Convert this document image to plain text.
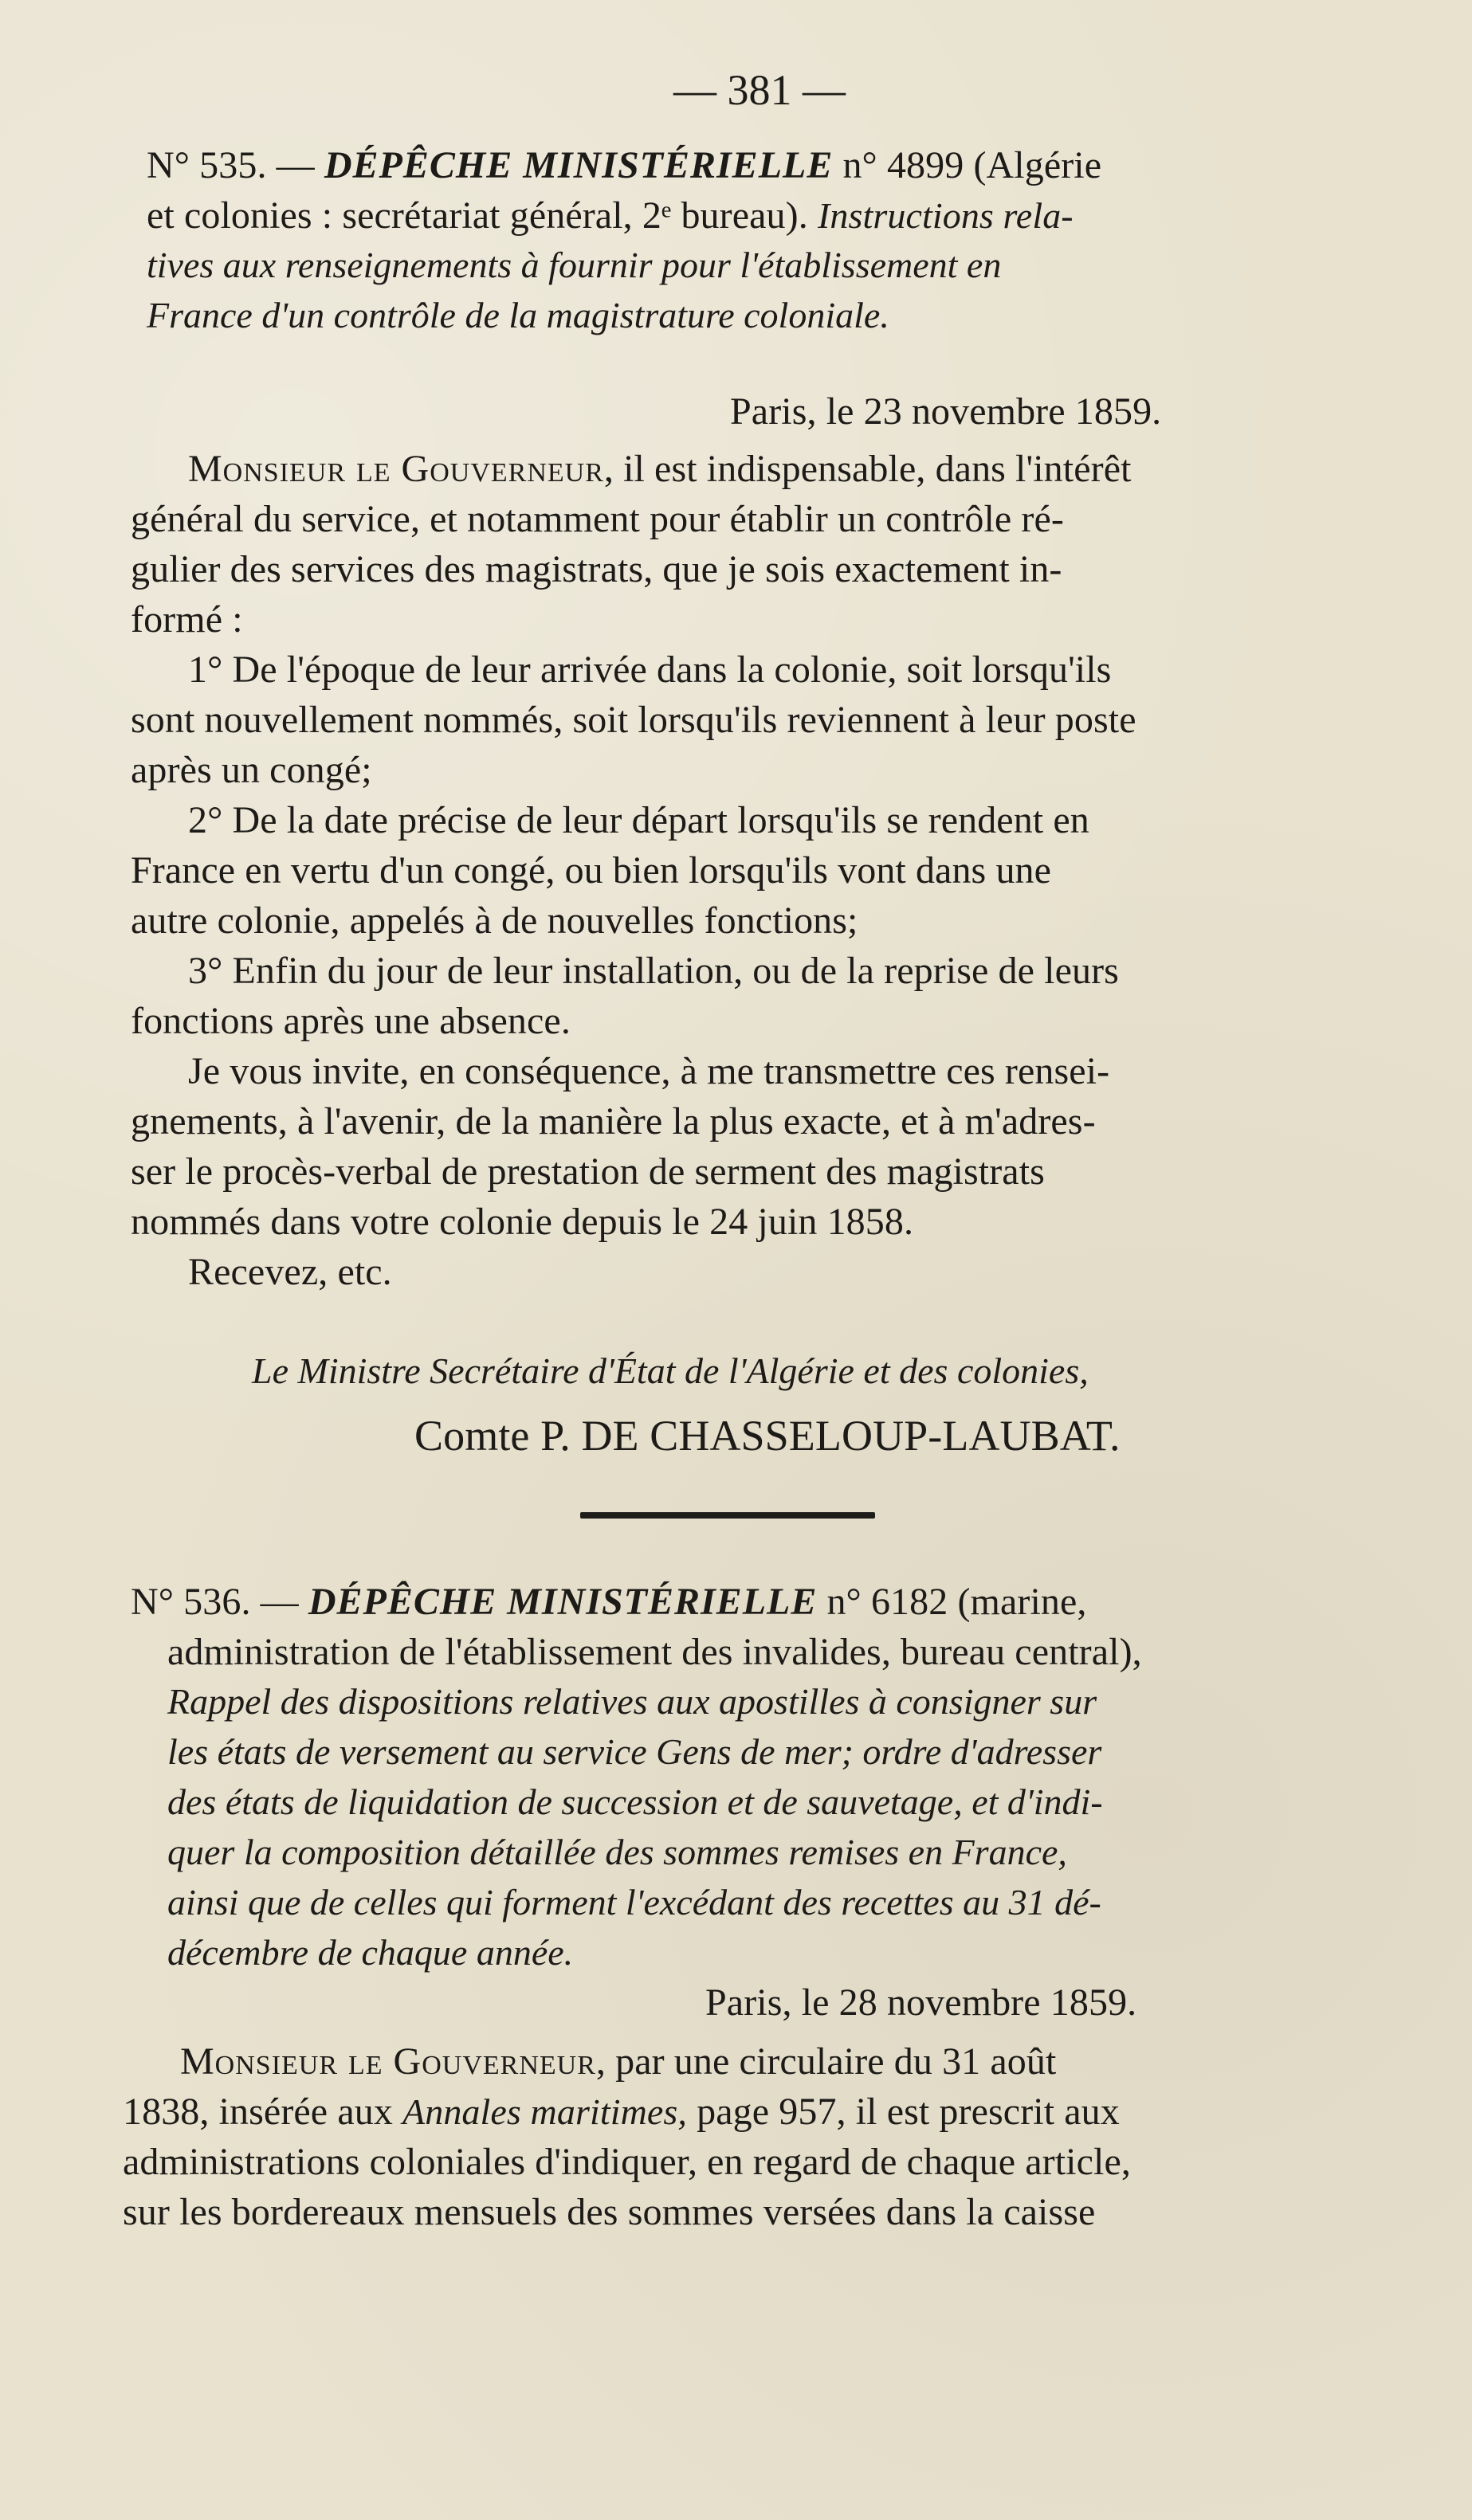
— 381 —
N° 535. — DÉPÊCHE MINISTÉRIELLE n° 4899 (Algérie
et colonies : secrétariat général, 2ᵉ bureau). Instructions rela-
tives aux renseignements à fournir pour l'établissement en
France d'un contrôle de la magistrature coloniale.
Paris, le 23 novembre 1859.
Monsieur le Gouverneur, il est indispensable, dans l'intérêt
général du service, et notamment pour établir un contrôle ré-
gulier des services des magistrats, que je sois exactement in-
formé :
1° De l'époque de leur arrivée dans la colonie, soit lorsqu'ils
sont nouvellement nommés, soit lorsqu'ils reviennent à leur poste
après un congé;
2° De la date précise de leur départ lorsqu'ils se rendent en
France en vertu d'un congé, ou bien lorsqu'ils vont dans une
autre colonie, appelés à de nouvelles fonctions;
3° Enfin du jour de leur installation, ou de la reprise de leurs
fonctions après une absence.
Je vous invite, en conséquence, à me transmettre ces rensei-
gnements, à l'avenir, de la manière la plus exacte, et à m'adres-
ser le procès-verbal de prestation de serment des magistrats
nommés dans votre colonie depuis le 24 juin 1858.
Recevez, etc.
Le Ministre Secrétaire d'État de l'Algérie et des colonies,
Comte P. DE CHASSELOUP-LAUBAT.
N° 536. — DÉPÊCHE MINISTÉRIELLE n° 6182 (marine,
administration de l'établissement des invalides, bureau central),
Rappel des dispositions relatives aux apostilles à consigner sur
les états de versement au service Gens de mer; ordre d'adresser
des états de liquidation de succession et de sauvetage, et d'indi-
quer la composition détaillée des sommes remises en France,
ainsi que de celles qui forment l'excédant des recettes au 31 dé-
décembre de chaque année.
Paris, le 28 novembre 1859.
Monsieur le Gouverneur, par une circulaire du 31 août
1838, insérée aux Annales maritimes, page 957, il est prescrit aux
administrations coloniales d'indiquer, en regard de chaque article,
sur les bordereaux mensuels des sommes versées dans la caisse
